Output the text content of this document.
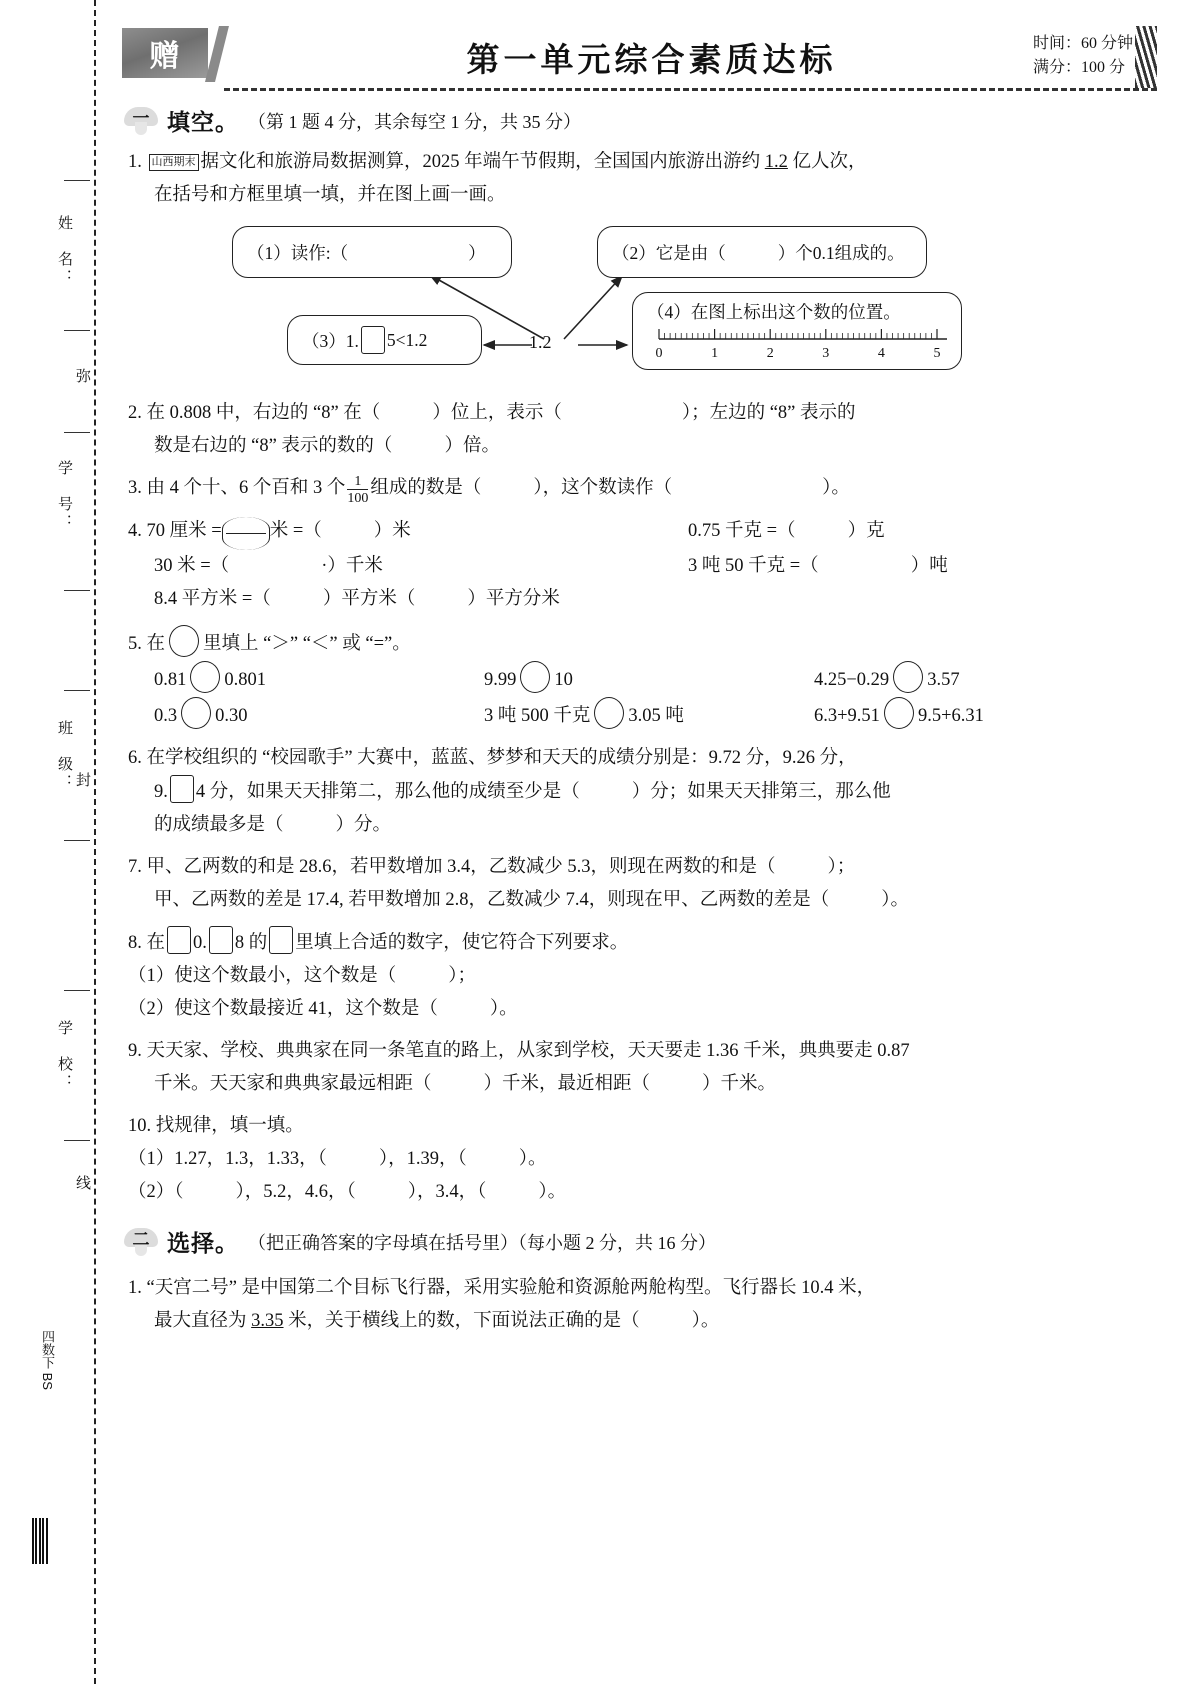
姓　名：
弥
学　号：
班　级： 封
学　校：
线
四数下 BS
赠	第一单元综合素质达标	时间：60 分钟
满分：100 分
一 填空。 （第 1 题 4 分，其余每空 1 分，共 35 分）
1. 山西期末 据文化和旅游局数据测算，2025 年端午节假期，全国国内旅游出游约 1.2 亿人次，
在括号和方框里填一填，并在图上画一画。
（1）读作:（	）	（2）它是由（	）个0.1组成的。
（3）1. 5<1.2	1.2
（4）在图上标出这个数的位置。
0	1	2	3	4	5
2. 在 0.808 中，右边的 “8” 在（	）位上，表示（	）；左边的 “8” 表示的
数是右边的 “8” 表示的数的（	）倍。
3. 由 4 个十、6 个百和 3 个 $\frac{1}{100}$ 组成的数是（	），这个数读作（	）。
4. 70 厘米 =	米 =（	）米	0.75 千克 =（	）克
30 米 =（	·）千米	3 吨 50 千克 =（	）吨
8.4 平方米 =（	）平方米（	）平方分米
5. 在 里填上 “＞” “＜” 或 “=”。
0.81 0.801	9.99 10	4.25−0.29 3.57
0.3 0.30	3 吨 500 千克 3.05 吨	6.3+9.51 9.5+6.31
6. 在学校组织的 “校园歌手” 大赛中，蓝蓝、梦梦和天天的成绩分别是：9.72 分，9.26 分，
9. 4 分，如果天天排第二，那么他的成绩至少是（	）分；如果天天排第三，那么他
的成绩最多是（	）分。
7. 甲、乙两数的和是 28.6，若甲数增加 3.4，乙数减少 5.3，则现在两数的和是（	）；
甲、乙两数的差是 17.4, 若甲数增加 2.8，乙数减少 7.4，则现在甲、乙两数的差是（	）。
8. 在 0. 8 的 里填上合适的数字，使它符合下列要求。
（1）使这个数最小，这个数是（	）；
（2）使这个数最接近 41，这个数是（	）。
9. 天天家、学校、典典家在同一条笔直的路上，从家到学校，天天要走 1.36 千米，典典要走 0.87
千米。天天家和典典家最远相距（	）千米，最近相距（	）千米。
10. 找规律，填一填。
（1）1.27，1.3，1.33，（	），1.39，（	）。
（2）（	），5.2，4.6，（	），3.4，（	）。
二 选择。 （把正确答案的字母填在括号里）（每小题 2 分，共 16 分）
1. “天宫二号” 是中国第二个目标飞行器，采用实验舱和资源舱两舱构型。飞行器长 10.4 米，
最大直径为 3.35 米，关于横线上的数，下面说法正确的是（	）。
